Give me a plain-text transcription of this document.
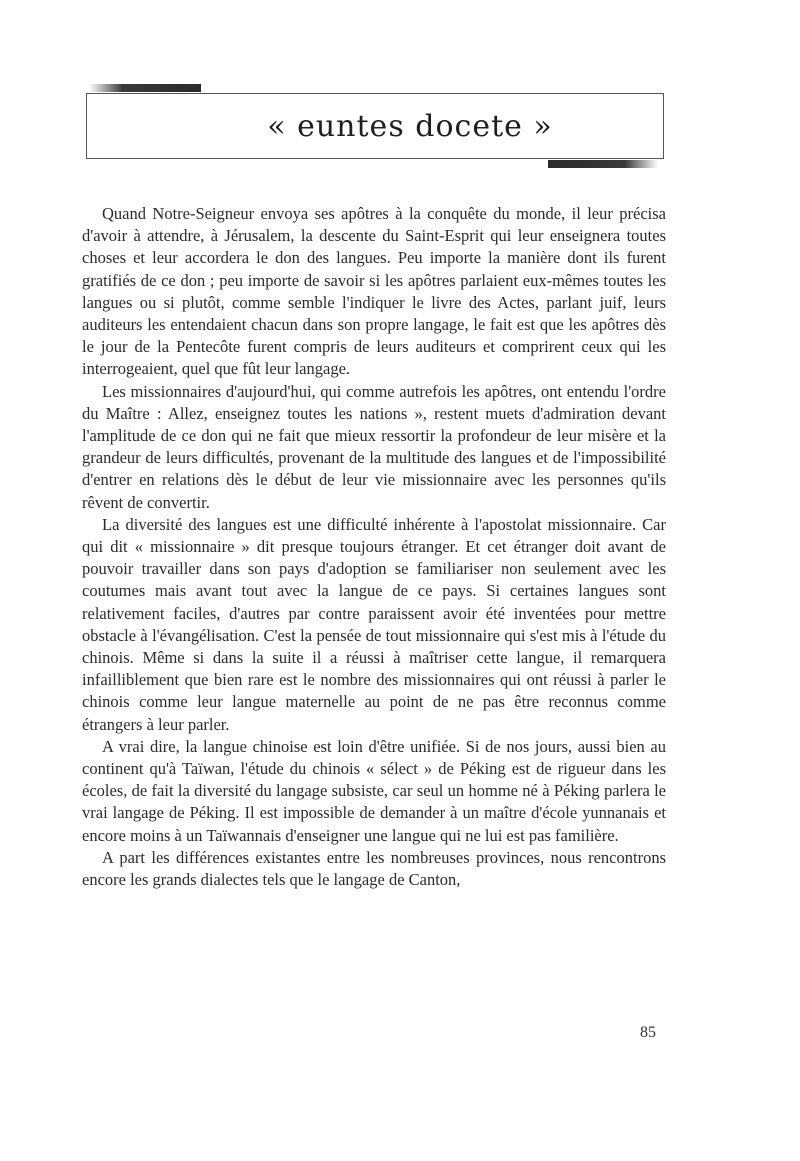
« euntes docete »

Quand Notre-Seigneur envoya ses apôtres à la conquête du monde, il leur précisa d'avoir à attendre, à Jérusalem, la descente du Saint-Esprit qui leur enseignera toutes choses et leur accordera le don des langues. Peu importe la manière dont ils furent gratifiés de ce don ; peu importe de savoir si les apôtres parlaient eux-mêmes toutes les langues ou si plutôt, comme semble l'indiquer le livre des Actes, parlant juif, leurs auditeurs les entendaient chacun dans son propre langage, le fait est que les apôtres dès le jour de la Pentecôte furent compris de leurs auditeurs et comprirent ceux qui les interrogeaient, quel que fût leur langage.

Les missionnaires d'aujourd'hui, qui comme autrefois les apôtres, ont entendu l'ordre du Maître : Allez, enseignez toutes les nations », restent muets d'admiration devant l'amplitude de ce don qui ne fait que mieux ressortir la profondeur de leur misère et la grandeur de leurs difficultés, provenant de la multitude des langues et de l'impossibilité d'entrer en relations dès le début de leur vie missionnaire avec les personnes qu'ils rêvent de convertir.

La diversité des langues est une difficulté inhérente à l'apostolat missionnaire. Car qui dit « missionnaire » dit presque toujours étranger. Et cet étranger doit avant de pouvoir travailler dans son pays d'adoption se familiariser non seulement avec les coutumes mais avant tout avec la langue de ce pays. Si certaines langues sont relativement faciles, d'autres par contre paraissent avoir été inventées pour mettre obstacle à l'évangélisation. C'est la pensée de tout missionnaire qui s'est mis à l'étude du chinois. Même si dans la suite il a réussi à maîtriser cette langue, il remarquera infailliblement que bien rare est le nombre des missionnaires qui ont réussi à parler le chinois comme leur langue maternelle au point de ne pas être reconnus comme étrangers à leur parler.

A vrai dire, la langue chinoise est loin d'être unifiée. Si de nos jours, aussi bien au continent qu'à Taïwan, l'étude du chinois « sélect » de Péking est de rigueur dans les écoles, de fait la diversité du langage subsiste, car seul un homme né à Péking parlera le vrai langage de Péking. Il est impossible de demander à un maître d'école yunnanais et encore moins à un Taïwannais d'enseigner une langue qui ne lui est pas familière.

A part les différences existantes entre les nombreuses provinces, nous rencontrons encore les grands dialectes tels que le langage de Canton,

85
